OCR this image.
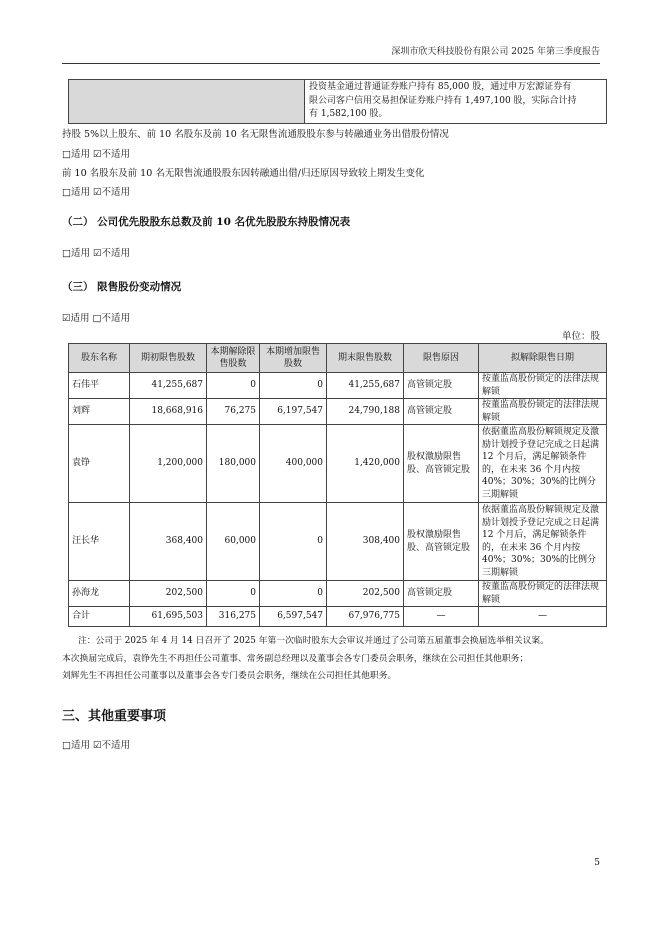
深圳市欣天科技股份有限公司 2025 年第三季度报告

投资基金通过普通证券账户持有 85,000 股，通过申万宏源证券有
限公司客户信用交易担保证券账户持有 1,497,100 股，实际合计持
有 1,582,100 股。
持股 5%以上股东、前 10 名股东及前 10 名无限售流通股股东参与转融通业务出借股份情况
□适用 ☑不适用
前 10 名股东及前 10 名无限售流通股股东因转融通出借/归还原因导致较上期发生变化
□适用 ☑不适用
（二） 公司优先股股东总数及前 10 名优先股股东持股情况表
□适用 ☑不适用
（三） 限售股份变动情况
☑适用 □不适用
单位：股
股东名称	期初限售股数	本期解除限售股数	本期增加限售股数	期末限售股数	限售原因	拟解除限售日期
石伟平	41,255,687	0	0	41,255,687	高管锁定股	按董监高股份锁定的法律法规解锁
刘辉	18,668,916	76,275	6,197,547	24,790,188	高管锁定股	按董监高股份锁定的法律法规解锁
袁铮	1,200,000	180,000	400,000	1,420,000	股权激励限售股、高管锁定股	依据董监高股份解锁规定及激励计划授予登记完成之日起满 12 个月后，满足解锁条件的，在未来 36 个月内按 40%；30%；30%的比例分三期解锁
汪长华	368,400	60,000	0	308,400	股权激励限售股、高管锁定股	依据董监高股份解锁规定及激励计划授予登记完成之日起满 12 个月后，满足解锁条件的，在未来 36 个月内按 40%；30%；30%的比例分三期解锁
孙海龙	202,500	0	0	202,500	高管锁定股	按董监高股份锁定的法律法规解锁
合计	61,695,503	316,275	6,597,547	67,976,775	—	—
注：公司于 2025 年 4 月 14 日召开了 2025 年第一次临时股东大会审议并通过了公司第五届董事会换届选举相关议案。
本次换届完成后，袁铮先生不再担任公司董事、常务副总经理以及董事会各专门委员会职务，继续在公司担任其他职务；
刘辉先生不再担任公司董事以及董事会各专门委员会职务，继续在公司担任其他职务。
三、其他重要事项
□适用 ☑不适用
5
